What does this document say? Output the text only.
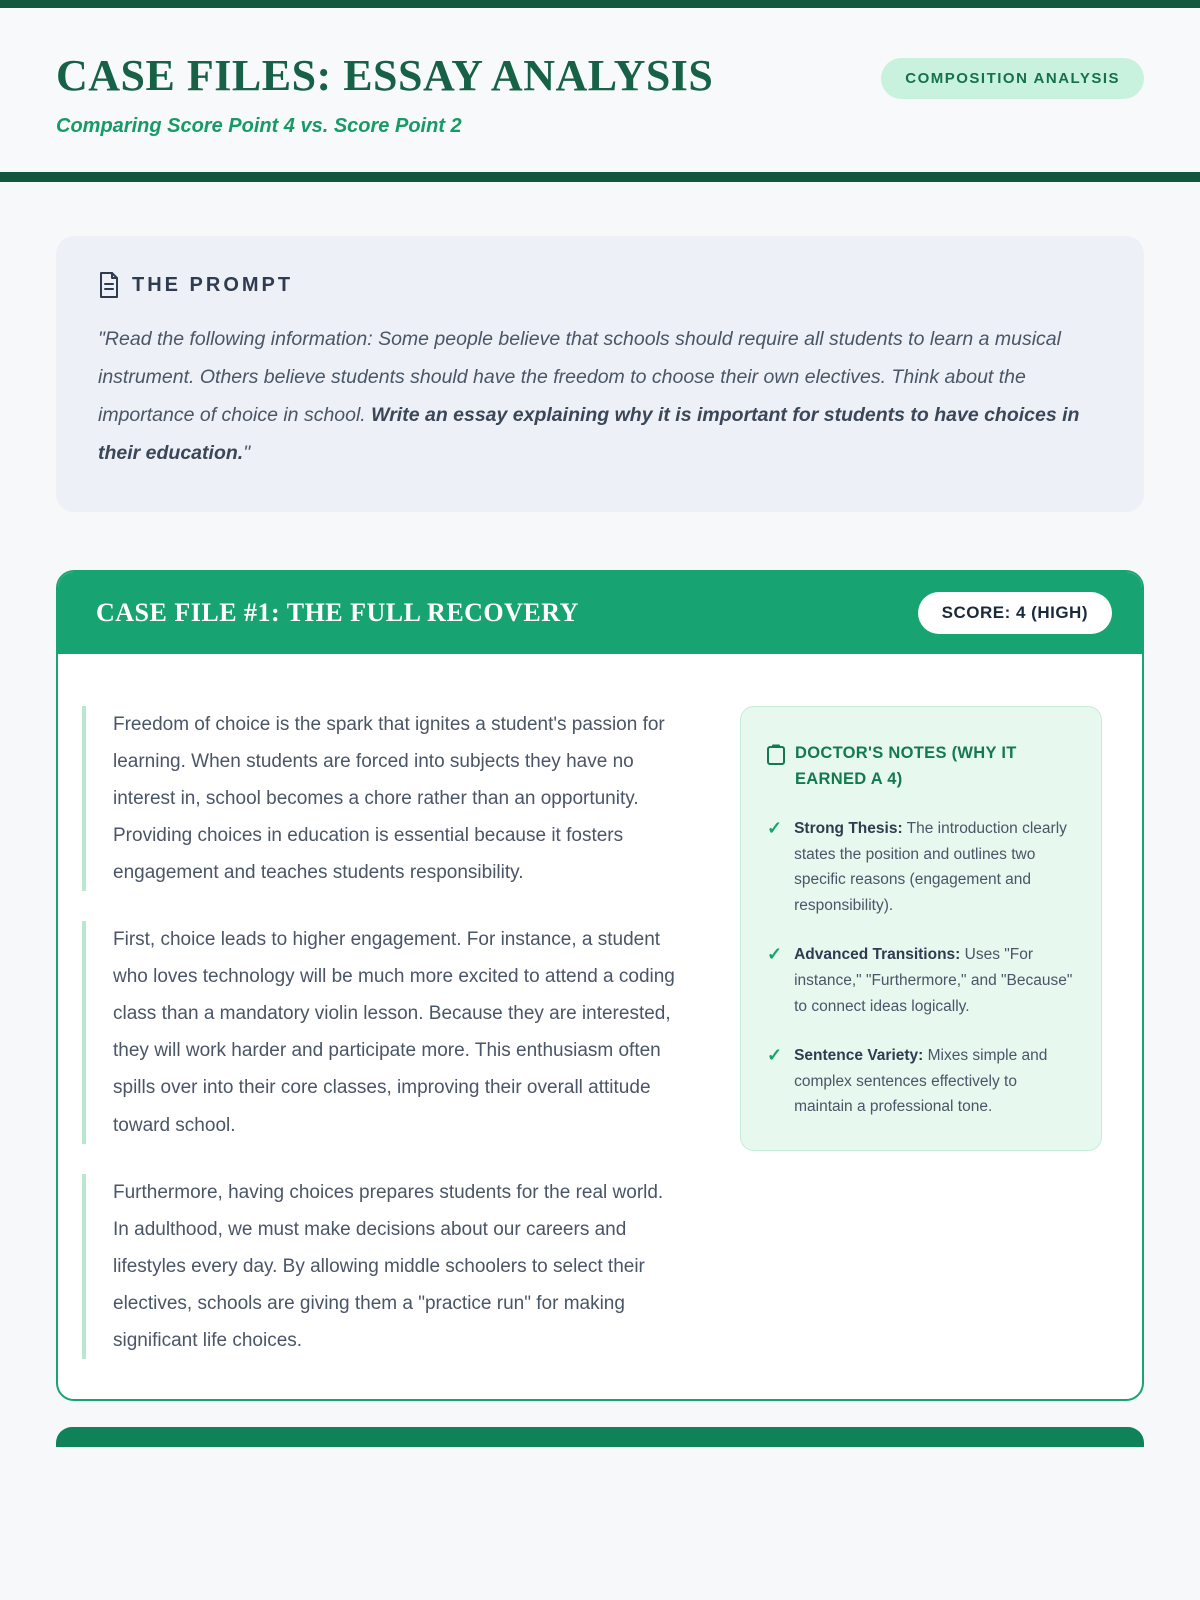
CASE FILES: ESSAY ANALYSIS	COMPOSITION ANALYSIS
Comparing Score Point 4 vs. Score Point 2
THE PROMPT

"Read the following information: Some people believe that schools should require all students to learn a musical instrument. Others believe students should have the freedom to choose their own electives. Think about the importance of choice in school. Write an essay explaining why it is important for students to have choices in their education."

CASE FILE #1: THE FULL RECOVERY	SCORE: 4 (HIGH)

Freedom of choice is the spark that ignites a student's passion for learning. When students are forced into subjects they have no interest in, school becomes a chore rather than an opportunity. Providing choices in education is essential because it fosters engagement and teaches students responsibility.

First, choice leads to higher engagement. For instance, a student who loves technology will be much more excited to attend a coding class than a mandatory violin lesson. Because they are interested, they will work harder and participate more. This enthusiasm often spills over into their core classes, improving their overall attitude toward school.

Furthermore, having choices prepares students for the real world. In adulthood, we must make decisions about our careers and lifestyles every day. By allowing middle schoolers to select their electives, schools are giving them a "practice run" for making significant life choices.

DOCTOR'S NOTES (WHY IT EARNED A 4)
✓ Strong Thesis: The introduction clearly states the position and outlines two specific reasons (engagement and responsibility).

✓ Advanced Transitions: Uses "For instance," "Furthermore," and "Because" to connect ideas logically.

✓ Sentence Variety: Mixes simple and complex sentences effectively to maintain a professional tone.
